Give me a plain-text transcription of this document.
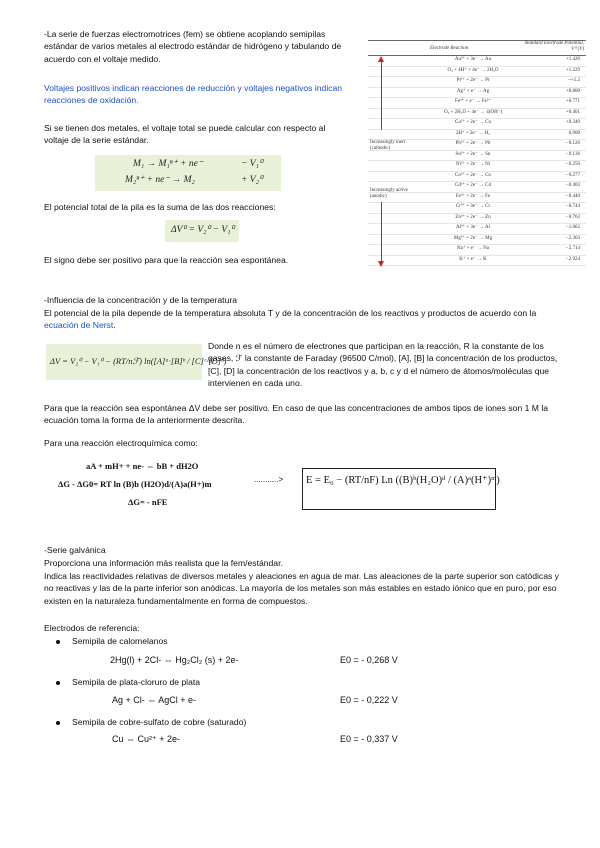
-La serie de fuerzas electromotrices (fem) se obtiene acoplando semipilas estándar de varios metales al electrodo estándar de hidrógeno y tabulando de acuerdo con el voltaje medido.

Voltajes positivos indican reacciones de reducción y voltajes negativos indican reacciones de oxidación.

Si se tienen dos metales, el voltaje total se puede calcular con respecto al voltaje de la serie estándar.

M₁ → M₁ⁿ⁺ + ne⁻	− V₁⁰
M₂ⁿ⁺ + ne⁻ → M₂	+ V₂⁰

El potencial total de la pila es la suma de las dos reacciones:

ΔV⁰ = V₂⁰ − V₁⁰

El signo debe ser positivo para que la reacción sea espontánea.

Electrode Reaction
Standard Electrode Potential, V⁰ (V)
Au³⁺ + 3e⁻ → Au	+1.420
O₂ + 4H⁺ + 4e⁻ → 2H₂O	+1.229
Pt²⁺ + 2e⁻ → Pt	~+1.2
Ag⁺ + e⁻ → Ag	+0.800
Fe³⁺ + e⁻ → Fe²⁺	+0.771
O₂ + 2H₂O + 4e⁻ → 4(OH⁻)	+0.401
Cu²⁺ + 2e⁻ → Cu	+0.340
2H⁺ + 2e⁻ → H₂	0.000
Pb²⁺ + 2e⁻ → Pb	−0.126
Sn²⁺ + 2e⁻ → Sn	−0.136
Ni²⁺ + 2e⁻ → Ni	−0.250
Co²⁺ + 2e⁻ → Co	−0.277
Cd²⁺ + 2e⁻ → Cd	−0.403
Fe²⁺ + 2e⁻ → Fe	−0.440
Cr³⁺ + 3e⁻ → Cr	−0.744
Zn²⁺ + 2e⁻ → Zn	−0.763
Al³⁺ + 3e⁻ → Al	−1.662
Mg²⁺ + 2e⁻ → Mg	−2.363
Na⁺ + e⁻ → Na	−2.714
K⁺ + e⁻ → K	−2.924
Increasingly inert (cathodic)
Increasingly active (anodic)

-Influencia de la concentración y de la temperatura

El potencial de la pila depende de la temperatura absoluta T y de la concentración de los reactivos y productos de acuerdo con la ecuación de Nerst.

ΔV = V₂⁰ − V₁⁰ − (RT/nℱ) ln([A]ᵃ·[B]ᵇ / [C]ᶜ·[D]ᵈ)

Donde n es el número de electrones que participan en la reacción, R la constante de los gases, ℱ la constante de Faraday (96500 C/mol), [A], [B] la concentración de los productos, [C], [D] la concentración de los reactivos y a, b, c y d el número de átomos/moléculas que intervienen en cada uno.

Para que la reacción sea espontánea ΔV debe ser positivo. En caso de que las concentraciones de ambos tipos de iones son 1 M la ecuación toma la forma de la anteriormente descrita.

Para una reacción electroquímica como:

aA + mH+ + ne- ⇔ bB + dH2O
ΔG - ΔG0= RT ln (B)b (H2O)d/(A)a(H+)m
ΔG= - nFE
...........>	E = E₀ − (RT/nF) Ln ((B)ᵇ(H₂O)ᵈ / (A)ᵃ(H⁺)ᵐ)

-Serie galvánica

Proporciona una información más realista que la fem/estándar.

Indica las reactividades relativas de diversos metales y aleaciones en agua de mar. Las aleaciones de la parte superior son catódicas y no reactivas y las de la parte inferior son anódicas. La mayoría de los metales son más estables en estado iónico que en puro, por eso existen en la naturaleza fundamentalmente en forma de compuestos.

Electrodos de referencia:

Semipila de calomelanos

2Hg(l) + 2Cl- ⇔ Hg₂Cl₂ (s) + 2e-	E0 = - 0,268 V

Semipila de plata-cloruro de plata

Ag + Cl- ⇔ AgCl + e-	E0 = - 0,222 V

Semipila de cobre-sulfato de cobre (saturado)

Cu ⇔ Cu²⁺ + 2e-	E0 = - 0,337 V
